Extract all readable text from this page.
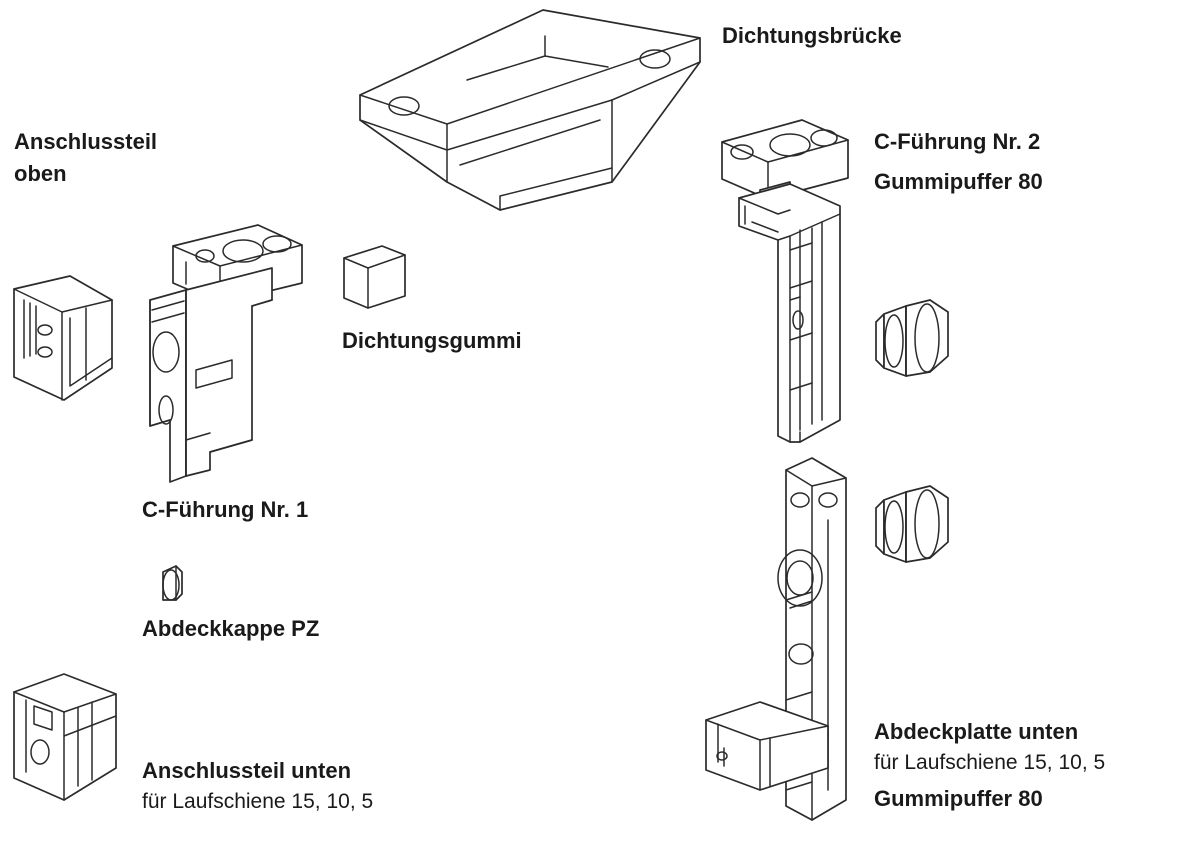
Dichtungsbrücke
Anschlussteil
oben
C-Führung Nr. 2
Gummipuffer 80
Dichtungsgummi
C-Führung Nr. 1
Abdeckkappe PZ
Anschlussteil unten
für Laufschiene 15, 10, 5
Abdeckplatte unten
für Laufschiene 15, 10, 5
Gummipuffer 80
